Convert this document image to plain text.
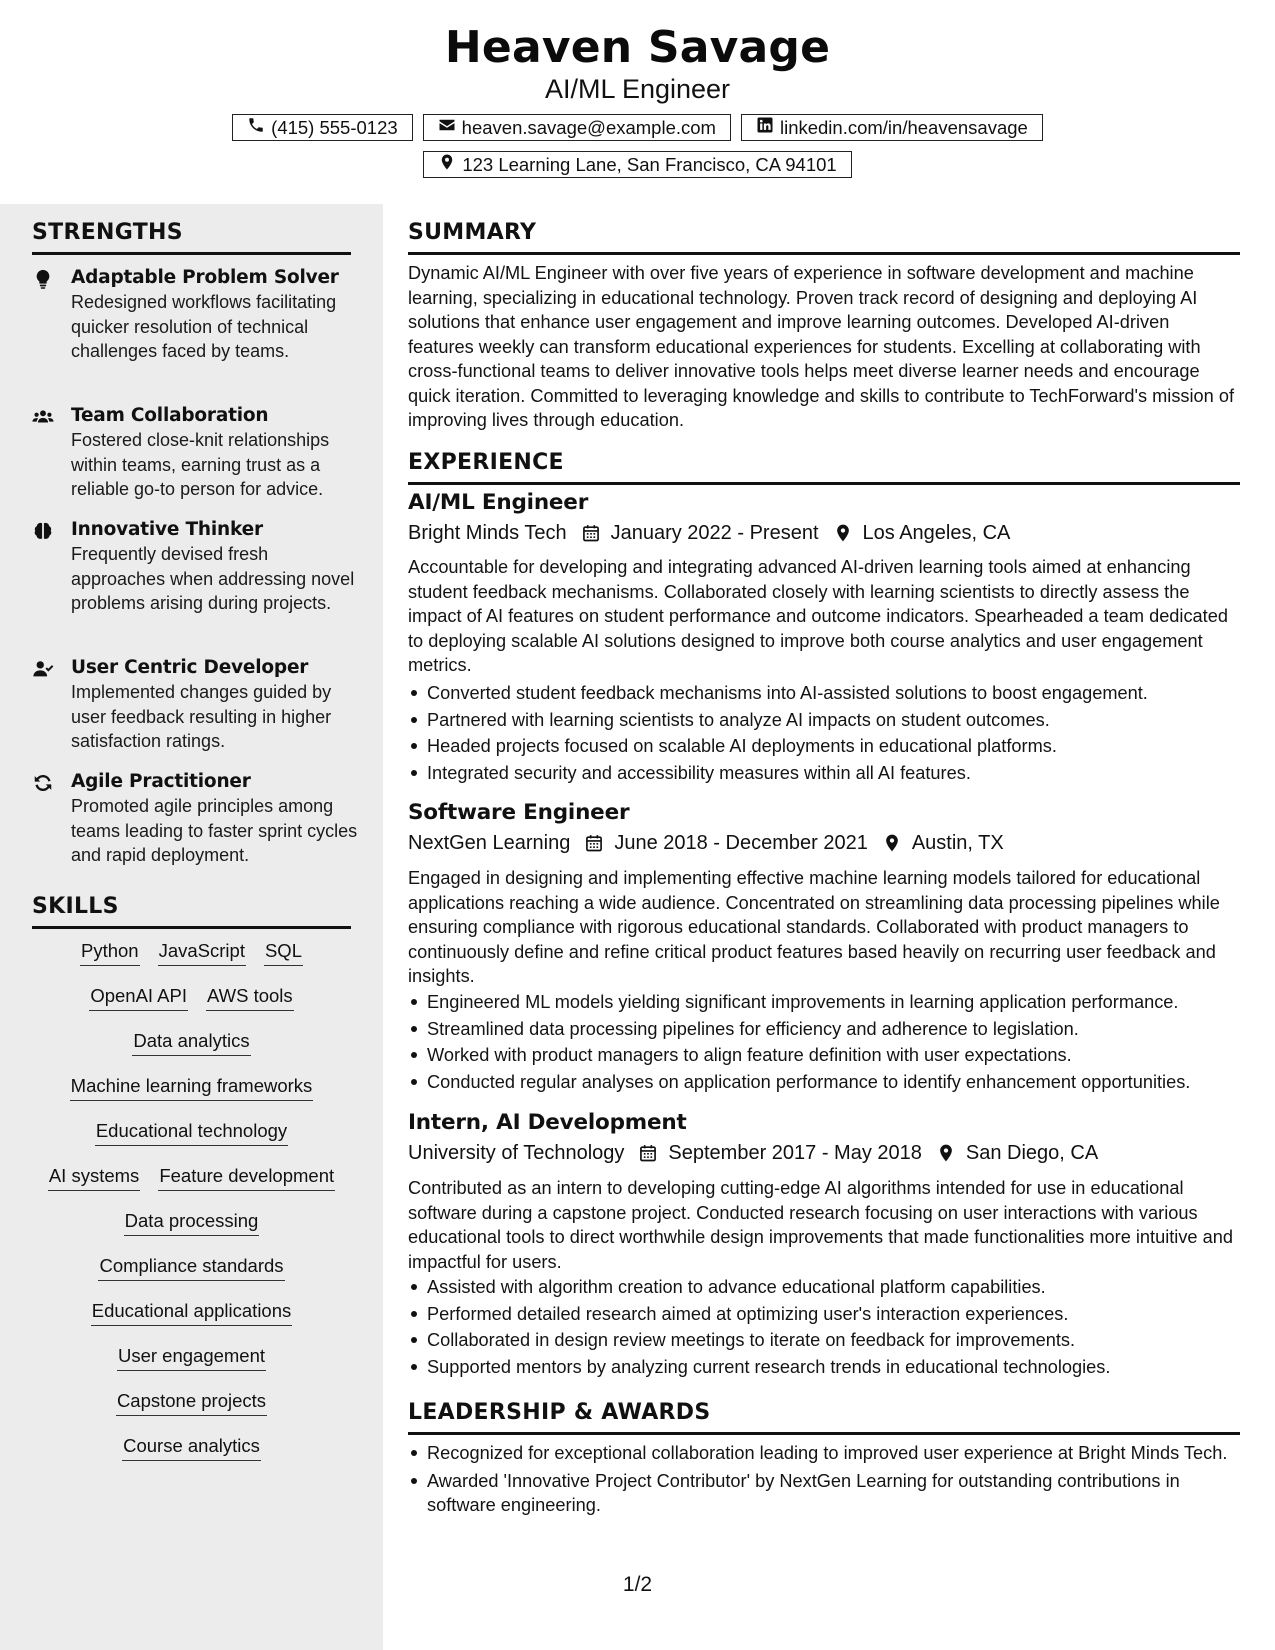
Heaven Savage
AI/ML Engineer
(415) 555-0123	heaven.savage@example.com	linkedin.com/in/heavensavage
123 Learning Lane, San Francisco, CA 94101
STRENGTHS
Adaptable Problem Solver
Redesigned workflows facilitating quicker resolution of technical challenges faced by teams.
Team Collaboration
Fostered close-knit relationships within teams, earning trust as a reliable go-to person for advice.
Innovative Thinker
Frequently devised fresh approaches when addressing novel problems arising during projects.
User Centric Developer
Implemented changes guided by user feedback resulting in higher satisfaction ratings.
Agile Practitioner
Promoted agile principles among teams leading to faster sprint cycles and rapid deployment.
SKILLS
Python JavaScript SQL
OpenAI API AWS tools
Data analytics
Machine learning frameworks
Educational technology
AI systems Feature development
Data processing
Compliance standards
Educational applications
User engagement
Capstone projects
Course analytics
SUMMARY
Dynamic AI/ML Engineer with over five years of experience in software development and machine learning, specializing in educational technology. Proven track record of designing and deploying AI solutions that enhance user engagement and improve learning outcomes. Developed AI-driven features weekly can transform educational experiences for students. Excelling at collaborating with cross-functional teams to deliver innovative tools helps meet diverse learner needs and encourage quick iteration. Committed to leveraging knowledge and skills to contribute to TechForward's mission of improving lives through education.
EXPERIENCE
AI/ML Engineer
Bright Minds Tech January 2022 - Present Los Angeles, CA
Accountable for developing and integrating advanced AI-driven learning tools aimed at enhancing student feedback mechanisms. Collaborated closely with learning scientists to directly assess the impact of AI features on student performance and outcome indicators. Spearheaded a team dedicated to deploying scalable AI solutions designed to improve both course analytics and user engagement metrics.
Converted student feedback mechanisms into AI-assisted solutions to boost engagement.
Partnered with learning scientists to analyze AI impacts on student outcomes.
Headed projects focused on scalable AI deployments in educational platforms.
Integrated security and accessibility measures within all AI features.
Software Engineer
NextGen Learning June 2018 - December 2021 Austin, TX
Engaged in designing and implementing effective machine learning models tailored for educational applications reaching a wide audience. Concentrated on streamlining data processing pipelines while ensuring compliance with rigorous educational standards. Collaborated with product managers to continuously define and refine critical product features based heavily on recurring user feedback and insights.
Engineered ML models yielding significant improvements in learning application performance.
Streamlined data processing pipelines for efficiency and adherence to legislation.
Worked with product managers to align feature definition with user expectations.
Conducted regular analyses on application performance to identify enhancement opportunities.
Intern, AI Development
University of Technology September 2017 - May 2018 San Diego, CA
Contributed as an intern to developing cutting-edge AI algorithms intended for use in educational software during a capstone project. Conducted research focusing on user interactions with various educational tools to direct worthwhile design improvements that made functionalities more intuitive and impactful for users.
Assisted with algorithm creation to advance educational platform capabilities.
Performed detailed research aimed at optimizing user's interaction experiences.
Collaborated in design review meetings to iterate on feedback for improvements.
Supported mentors by analyzing current research trends in educational technologies.
LEADERSHIP & AWARDS
Recognized for exceptional collaboration leading to improved user experience at Bright Minds Tech.
Awarded 'Innovative Project Contributor' by NextGen Learning for outstanding contributions in software engineering.
1/2
